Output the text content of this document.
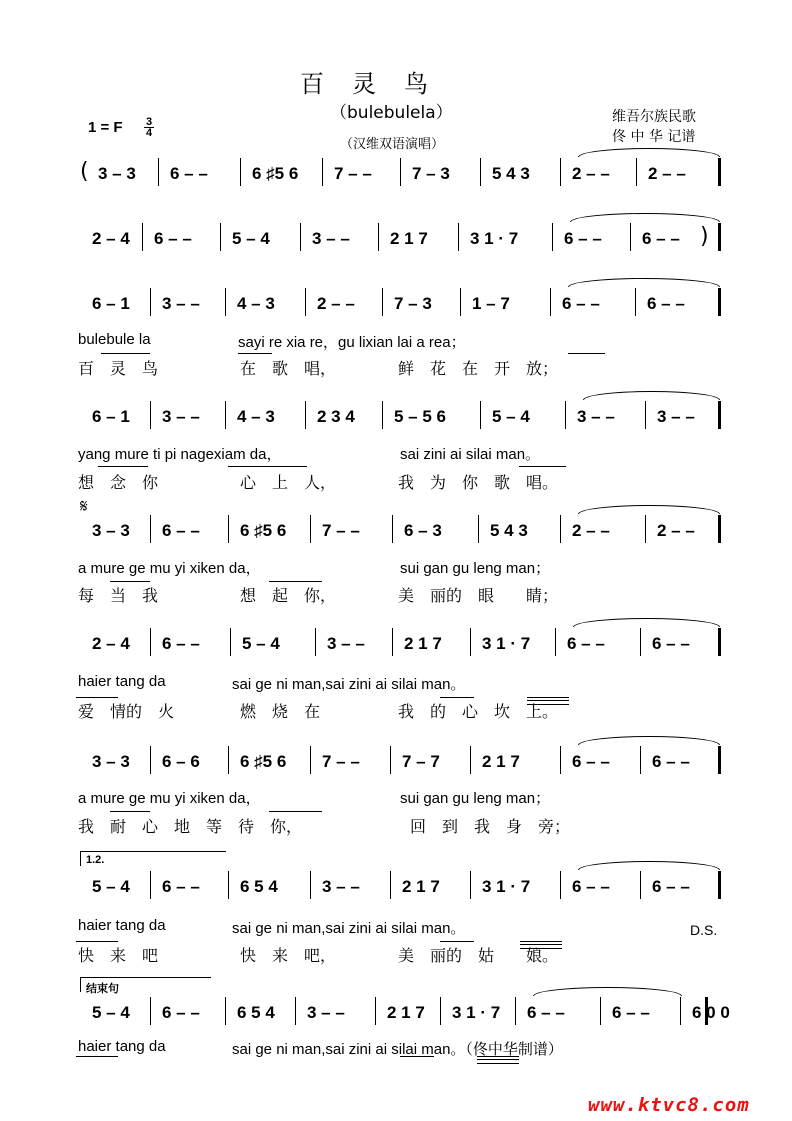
百　灵　鸟
（bulebulela）
（汉维双语演唱）
1 = F $\frac{3}{4}$	维吾尔族民歌
佟 中 华 记谱
3 – 3 6 – –	6 ♯5 6 7 – – 7 – 3 5 4 3 2 – – 2 – –
2 – 4 6 – – 5 – 4 3 – – 2 1 7 3 1 · 7	6 – – 6 – –
6 – 1 3 – – 4 – 3 2 – – 7 – 3 1 – 7	6 – –	6 – –
bulebule la	sayi re xia re，gu lixian lai a rea；
百　灵　鸟	在　歌　唱，	鲜　花　在　开　放；
6 – 1 3 – – 4 – 3 2 3 4 5 – 5 6	5 – 4	3 – – 3 – –
yang mure ti pi nagexiam da，	sai zini ai silai man。
想　念　你	心　上　人，	我　为　你　歌　唱。
3 – 3 6 – – 6 ♯5 6 7 – –	6 – 3	5 4 3	2 – –	2 – –
a mure ge mu yi xiken da，	sui gan gu leng man；
每　当　我	想　起　你，	美　丽的　眼　　睛；
2 – 4 6 – – 5 – 4	3 – – 2 1 7 3 1 · 7 6 – –	6 – –
haier tang da	sai ge ni man,sai zini ai silai man。
爱　情的　火	燃　烧　在	我　的　心　坎　上。
3 – 3 6 – 6 6 ♯5 6 7 – – 7 – 7 2 1 7	6 – – 6 – –
a mure ge mu yi xiken da，	sui gan gu leng man；
我　耐　心　地　等　待　你，	回　到　我　身　旁；
5 – 4 6 – – 6 5 4	3 – – 2 1 7 3 1 · 7 6 – – 6 – –
haier tang da	sai ge ni man,sai zini ai silai man。
快　来　吧	快　来　吧，	美　丽的　姑　　娘。
1.2.
D.S.
5 – 4 6 – – 6 5 4 3 – – 2 1 7 3 1 · 7 6 – –	6 – – 6 0 0
haier tang da	sai ge ni man,sai zini ai silai man。（佟中华制谱）
结束句
(
)
𝄋
www.ktvc8.com
